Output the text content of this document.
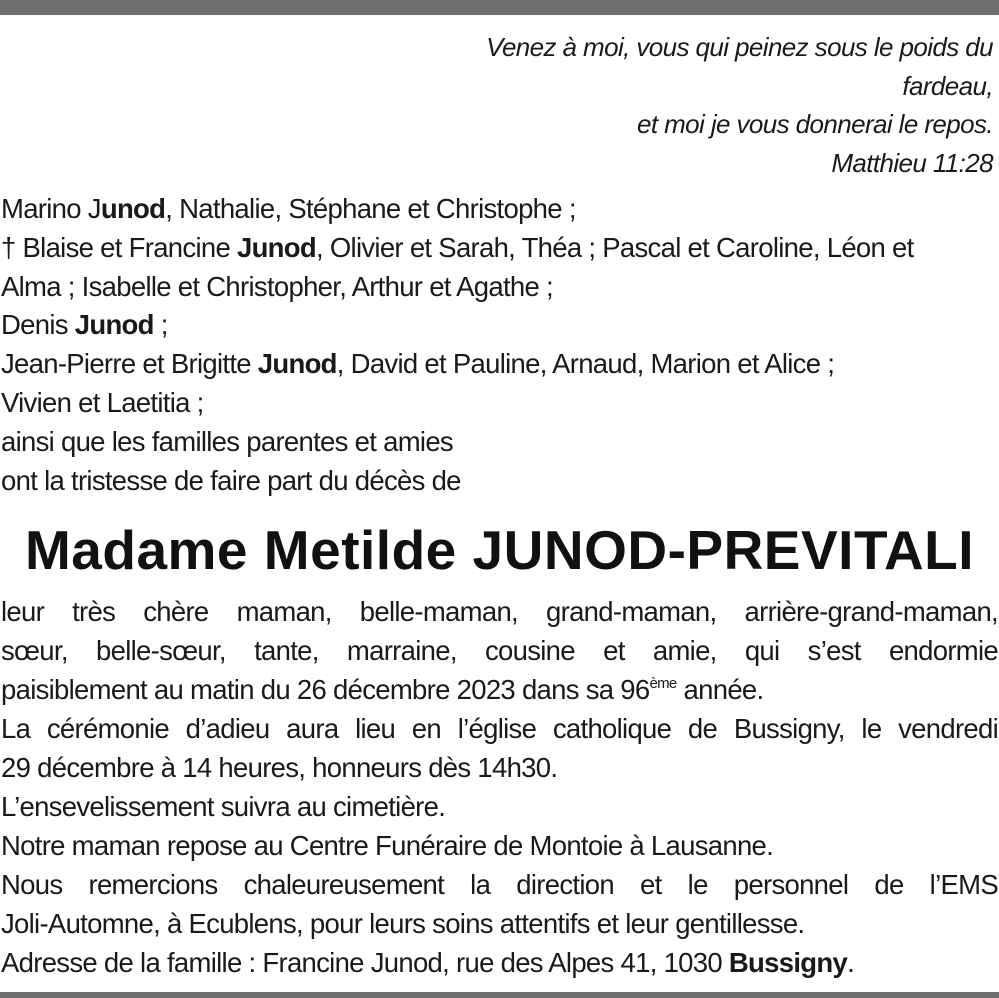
Venez à moi, vous qui peinez sous le poids du
fardeau,
et moi je vous donnerai le repos.
Matthieu 11:28
Marino Junod, Nathalie, Stéphane et Christophe ;
† Blaise et Francine Junod, Olivier et Sarah, Théa ; Pascal et Caroline, Léon et
Alma ; Isabelle et Christopher, Arthur et Agathe ;
Denis Junod ;
Jean-Pierre et Brigitte Junod, David et Pauline, Arnaud, Marion et Alice ;
Vivien et Laetitia ;
ainsi que les familles parentes et amies
ont la tristesse de faire part du décès de
Madame Metilde JUNOD-PREVITALI
leur très chère maman, belle-maman, grand-maman, arrière-grand-maman,
sœur, belle-sœur, tante, marraine, cousine et amie, qui s’est endormie
paisiblement au matin du 26 décembre 2023 dans sa 96ème année.
La cérémonie d’adieu aura lieu en l’église catholique de Bussigny, le vendredi
29 décembre à 14 heures, honneurs dès 14h30.
L’ensevelissement suivra au cimetière.
Notre maman repose au Centre Funéraire de Montoie à Lausanne.
Nous remercions chaleureusement la direction et le personnel de l’EMS
Joli-Automne, à Ecublens, pour leurs soins attentifs et leur gentillesse.
Adresse de la famille : Francine Junod, rue des Alpes 41, 1030 Bussigny.
